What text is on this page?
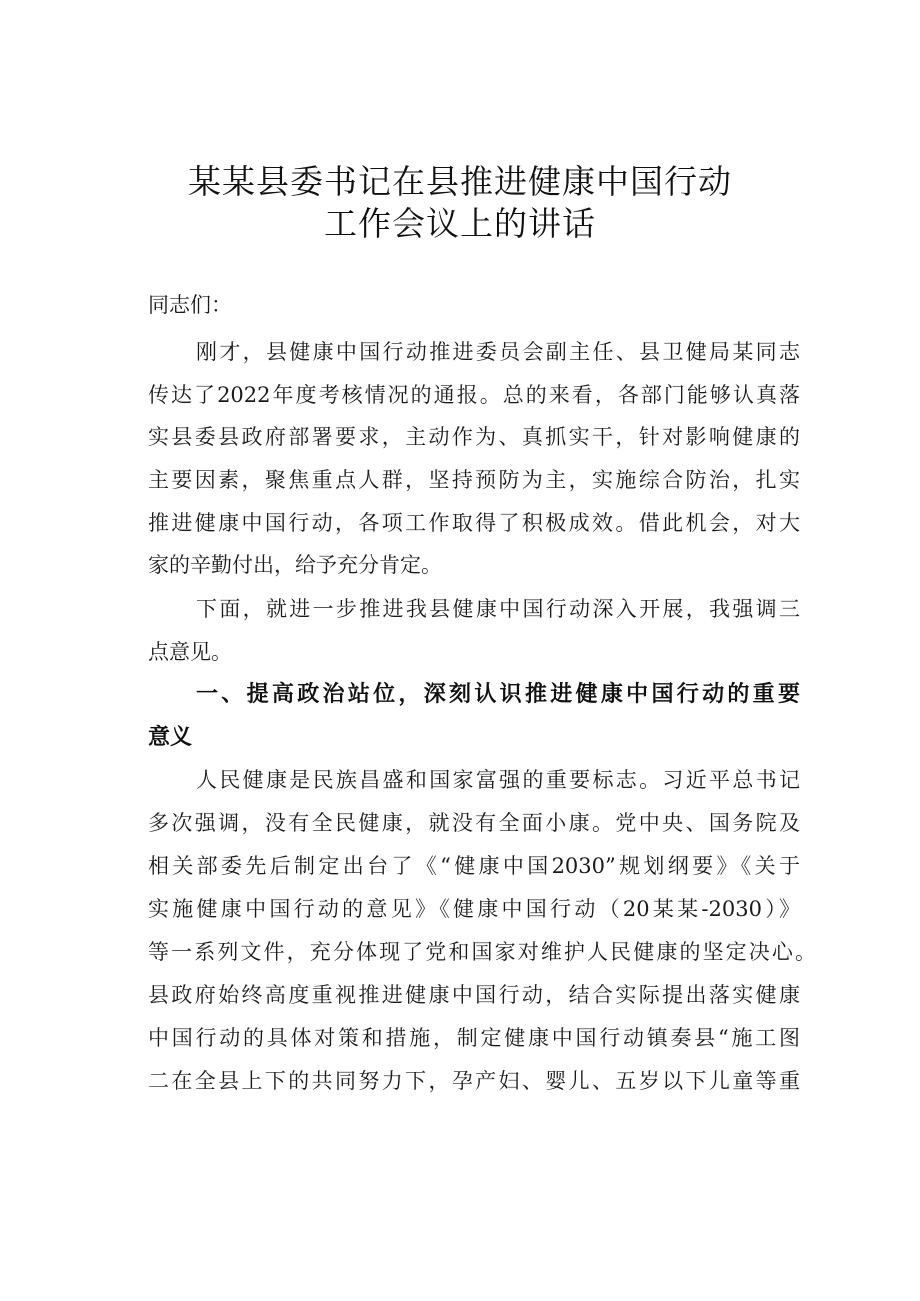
某某县委书记在县推进健康中国行动
工作会议上的讲话
同志们：
刚才，县健康中国行动推进委员会副主任、县卫健局某同志
传达了2022年度考核情况的通报。总的来看，各部门能够认真落
实县委县政府部署要求，主动作为、真抓实干，针对影响健康的
主要因素，聚焦重点人群，坚持预防为主，实施综合防治，扎实
推进健康中国行动，各项工作取得了积极成效。借此机会，对大
家的辛勤付出，给予充分肯定。
下面，就进一步推进我县健康中国行动深入开展，我强调三
点意见。
一、提高政治站位，深刻认识推进健康中国行动的重要
意义
人民健康是民族昌盛和国家富强的重要标志。习近平总书记
多次强调，没有全民健康，就没有全面小康。党中央、国务院及
相关部委先后制定出台了《“健康中国2030”规划纲要》《关于
实施健康中国行动的意见》《健康中国行动（20某某-2030）》
等一系列文件，充分体现了党和国家对维护人民健康的坚定决心。
县政府始终高度重视推进健康中国行动，结合实际提出落实健康
中国行动的具体对策和措施，制定健康中国行动镇奏县“施工图
二在全县上下的共同努力下，孕产妇、婴儿、五岁以下儿童等重
